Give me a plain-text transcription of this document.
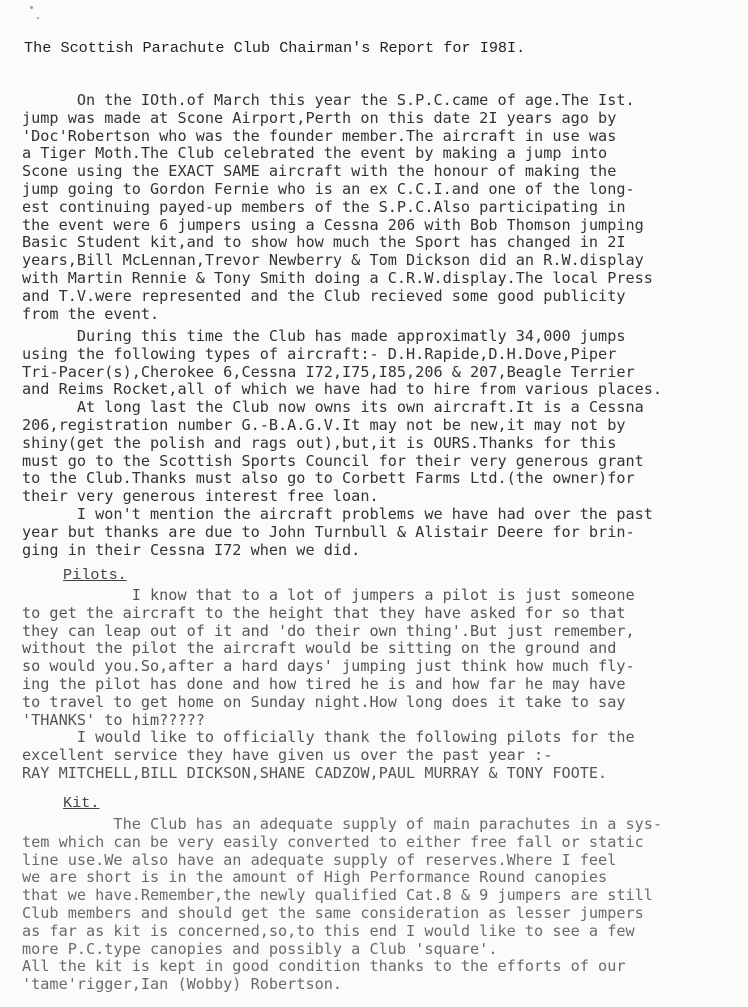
The Scottish Parachute Club Chairman's Report for I98I.
On the IOth.of March this year the S.P.C.came of age.The Ist.
jump was made at Scone Airport,Perth on this date 2I years ago by
'Doc'Robertson who was the founder member.The aircraft in use was
a Tiger Moth.The Club celebrated the event by making a jump into
Scone using the EXACT SAME aircraft with the honour of making the
jump going to Gordon Fernie who is an ex C.C.I.and one of the long-
est continuing payed-up members of the S.P.C.Also participating in
the event were 6 jumpers using a Cessna 206 with Bob Thomson jumping
Basic Student kit,and to show how much the Sport has changed in 2I
years,Bill McLennan,Trevor Newberry & Tom Dickson did an R.W.display
with Martin Rennie & Tony Smith doing a C.R.W.display.The local Press
and T.V.were represented and the Club recieved some good publicity
from the event.
During this time the Club has made approximatly 34,000 jumps
using the following types of aircraft:- D.H.Rapide,D.H.Dove,Piper
Tri-Pacer(s),Cherokee 6,Cessna I72,I75,I85,206 & 207,Beagle Terrier
and Reims Rocket,all of which we have had to hire from various places.
At long last the Club now owns its own aircraft.It is a Cessna
206,registration number G.-B.A.G.V.It may not be new,it may not by
shiny(get the polish and rags out),but,it is OURS.Thanks for this
must go to the Scottish Sports Council for their very generous grant
to the Club.Thanks must also go to Corbett Farms Ltd.(the owner)for
their very generous interest free loan.
I won't mention the aircraft problems we have had over the past
year but thanks are due to John Turnbull & Alistair Deere for brin-
ging in their Cessna I72 when we did.
Pilots.
I know that to a lot of jumpers a pilot is just someone
to get the aircraft to the height that they have asked for so that
they can leap out of it and 'do their own thing'.But just remember,
without the pilot the aircraft would be sitting on the ground and
so would you.So,after a hard days' jumping just think how much fly-
ing the pilot has done and how tired he is and how far he may have
to travel to get home on Sunday night.How long does it take to say
'THANKS' to him?????
I would like to officially thank the following pilots for the
excellent service they have given us over the past year :-
RAY MITCHELL,BILL DICKSON,SHANE CADZOW,PAUL MURRAY & TONY FOOTE.
Kit.
The Club has an adequate supply of main parachutes in a sys-
tem which can be very easily converted to either free fall or static
line use.We also have an adequate supply of reserves.Where I feel
we are short is in the amount of High Performance Round canopies
that we have.Remember,the newly qualified Cat.8 & 9 jumpers are still
Club members and should get the same consideration as lesser jumpers
as far as kit is concerned,so,to this end I would like to see a few
more P.C.type canopies and possibly a Club 'square'.
All the kit is kept in good condition thanks to the efforts of our
'tame'rigger,Ian (Wobby) Robertson.
